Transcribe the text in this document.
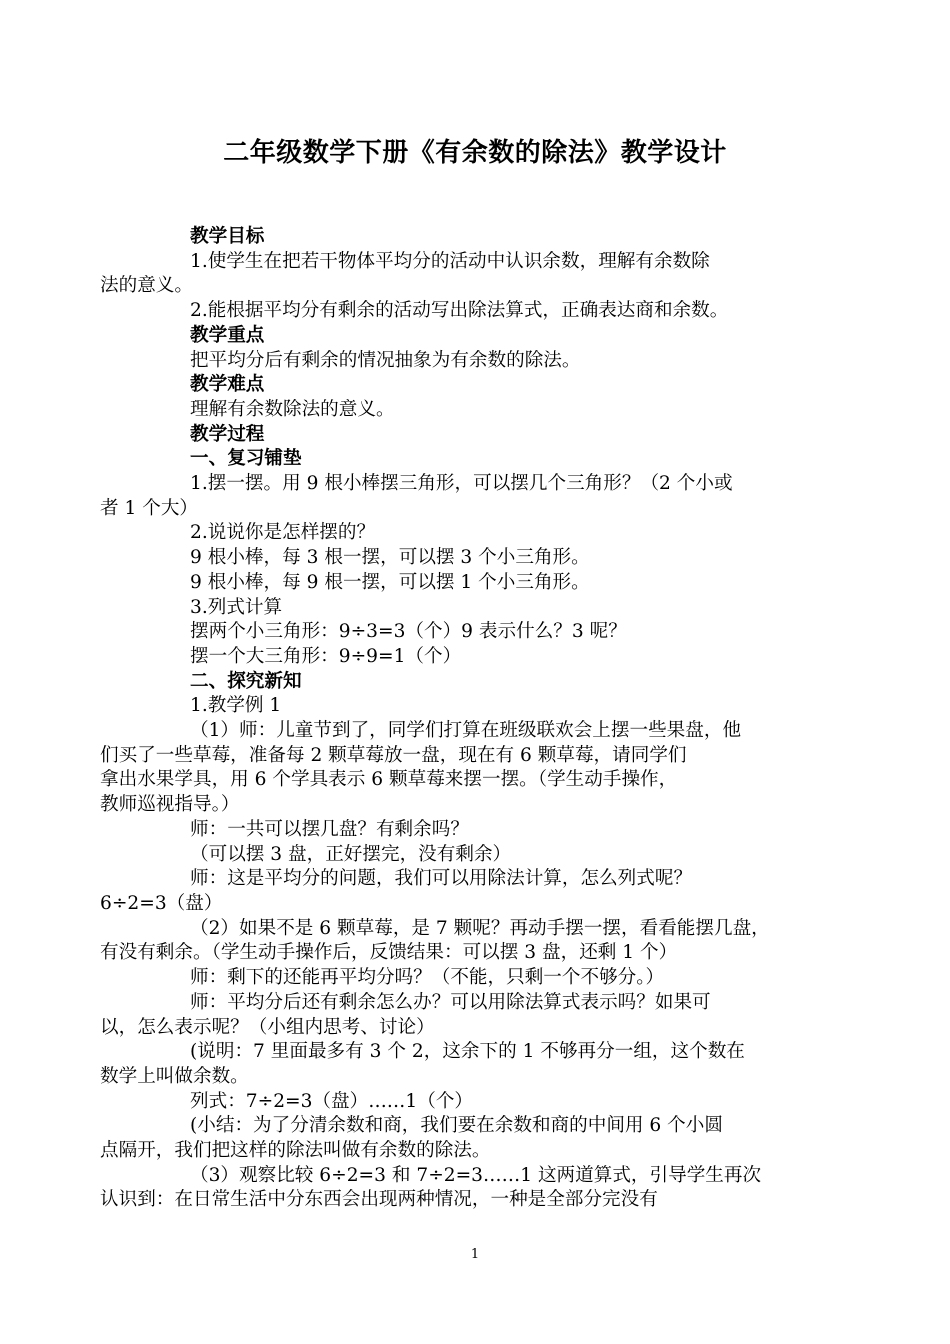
二年级数学下册《有余数的除法》教学设计
教学目标
1.使学生在把若干物体平均分的活动中认识余数，理解有余数除
法的意义。
2.能根据平均分有剩余的活动写出除法算式，正确表达商和余数。
教学重点
把平均分后有剩余的情况抽象为有余数的除法。
教学难点
理解有余数除法的意义。
教学过程
一、复习铺垫
1.摆一摆。用 9 根小棒摆三角形，可以摆几个三角形？（2 个小或
者 1 个大）
2.说说你是怎样摆的？
9 根小棒，每 3 根一摆，可以摆 3 个小三角形。
9 根小棒，每 9 根一摆，可以摆 1 个小三角形。
3.列式计算
摆两个小三角形：9÷3=3（个）9 表示什么？3 呢？
摆一个大三角形：9÷9=1（个）
二、探究新知
1.教学例 1
（1）师：儿童节到了，同学们打算在班级联欢会上摆一些果盘，他
们买了一些草莓，准备每 2 颗草莓放一盘，现在有 6 颗草莓，请同学们
拿出水果学具，用 6 个学具表示 6 颗草莓来摆一摆。（学生动手操作，
教师巡视指导。）
师：一共可以摆几盘？有剩余吗？
（可以摆 3 盘，正好摆完，没有剩余）
师：这是平均分的问题，我们可以用除法计算，怎么列式呢？
6÷2=3（盘）
（2）如果不是 6 颗草莓，是 7 颗呢？再动手摆一摆，看看能摆几盘，
有没有剩余。（学生动手操作后，反馈结果：可以摆 3 盘，还剩 1 个）
师：剩下的还能再平均分吗？（不能，只剩一个不够分。）
师：平均分后还有剩余怎么办？可以用除法算式表示吗？如果可
以，怎么表示呢？（小组内思考、讨论）
(说明：7 里面最多有 3 个 2，这余下的 1 不够再分一组，这个数在
数学上叫做余数。
列式：7÷2=3（盘）……1（个）
(小结：为了分清余数和商，我们要在余数和商的中间用 6 个小圆
点隔开，我们把这样的除法叫做有余数的除法。
（3）观察比较 6÷2=3 和 7÷2=3……1 这两道算式，引导学生再次
认识到：在日常生活中分东西会出现两种情况，一种是全部分完没有
1
